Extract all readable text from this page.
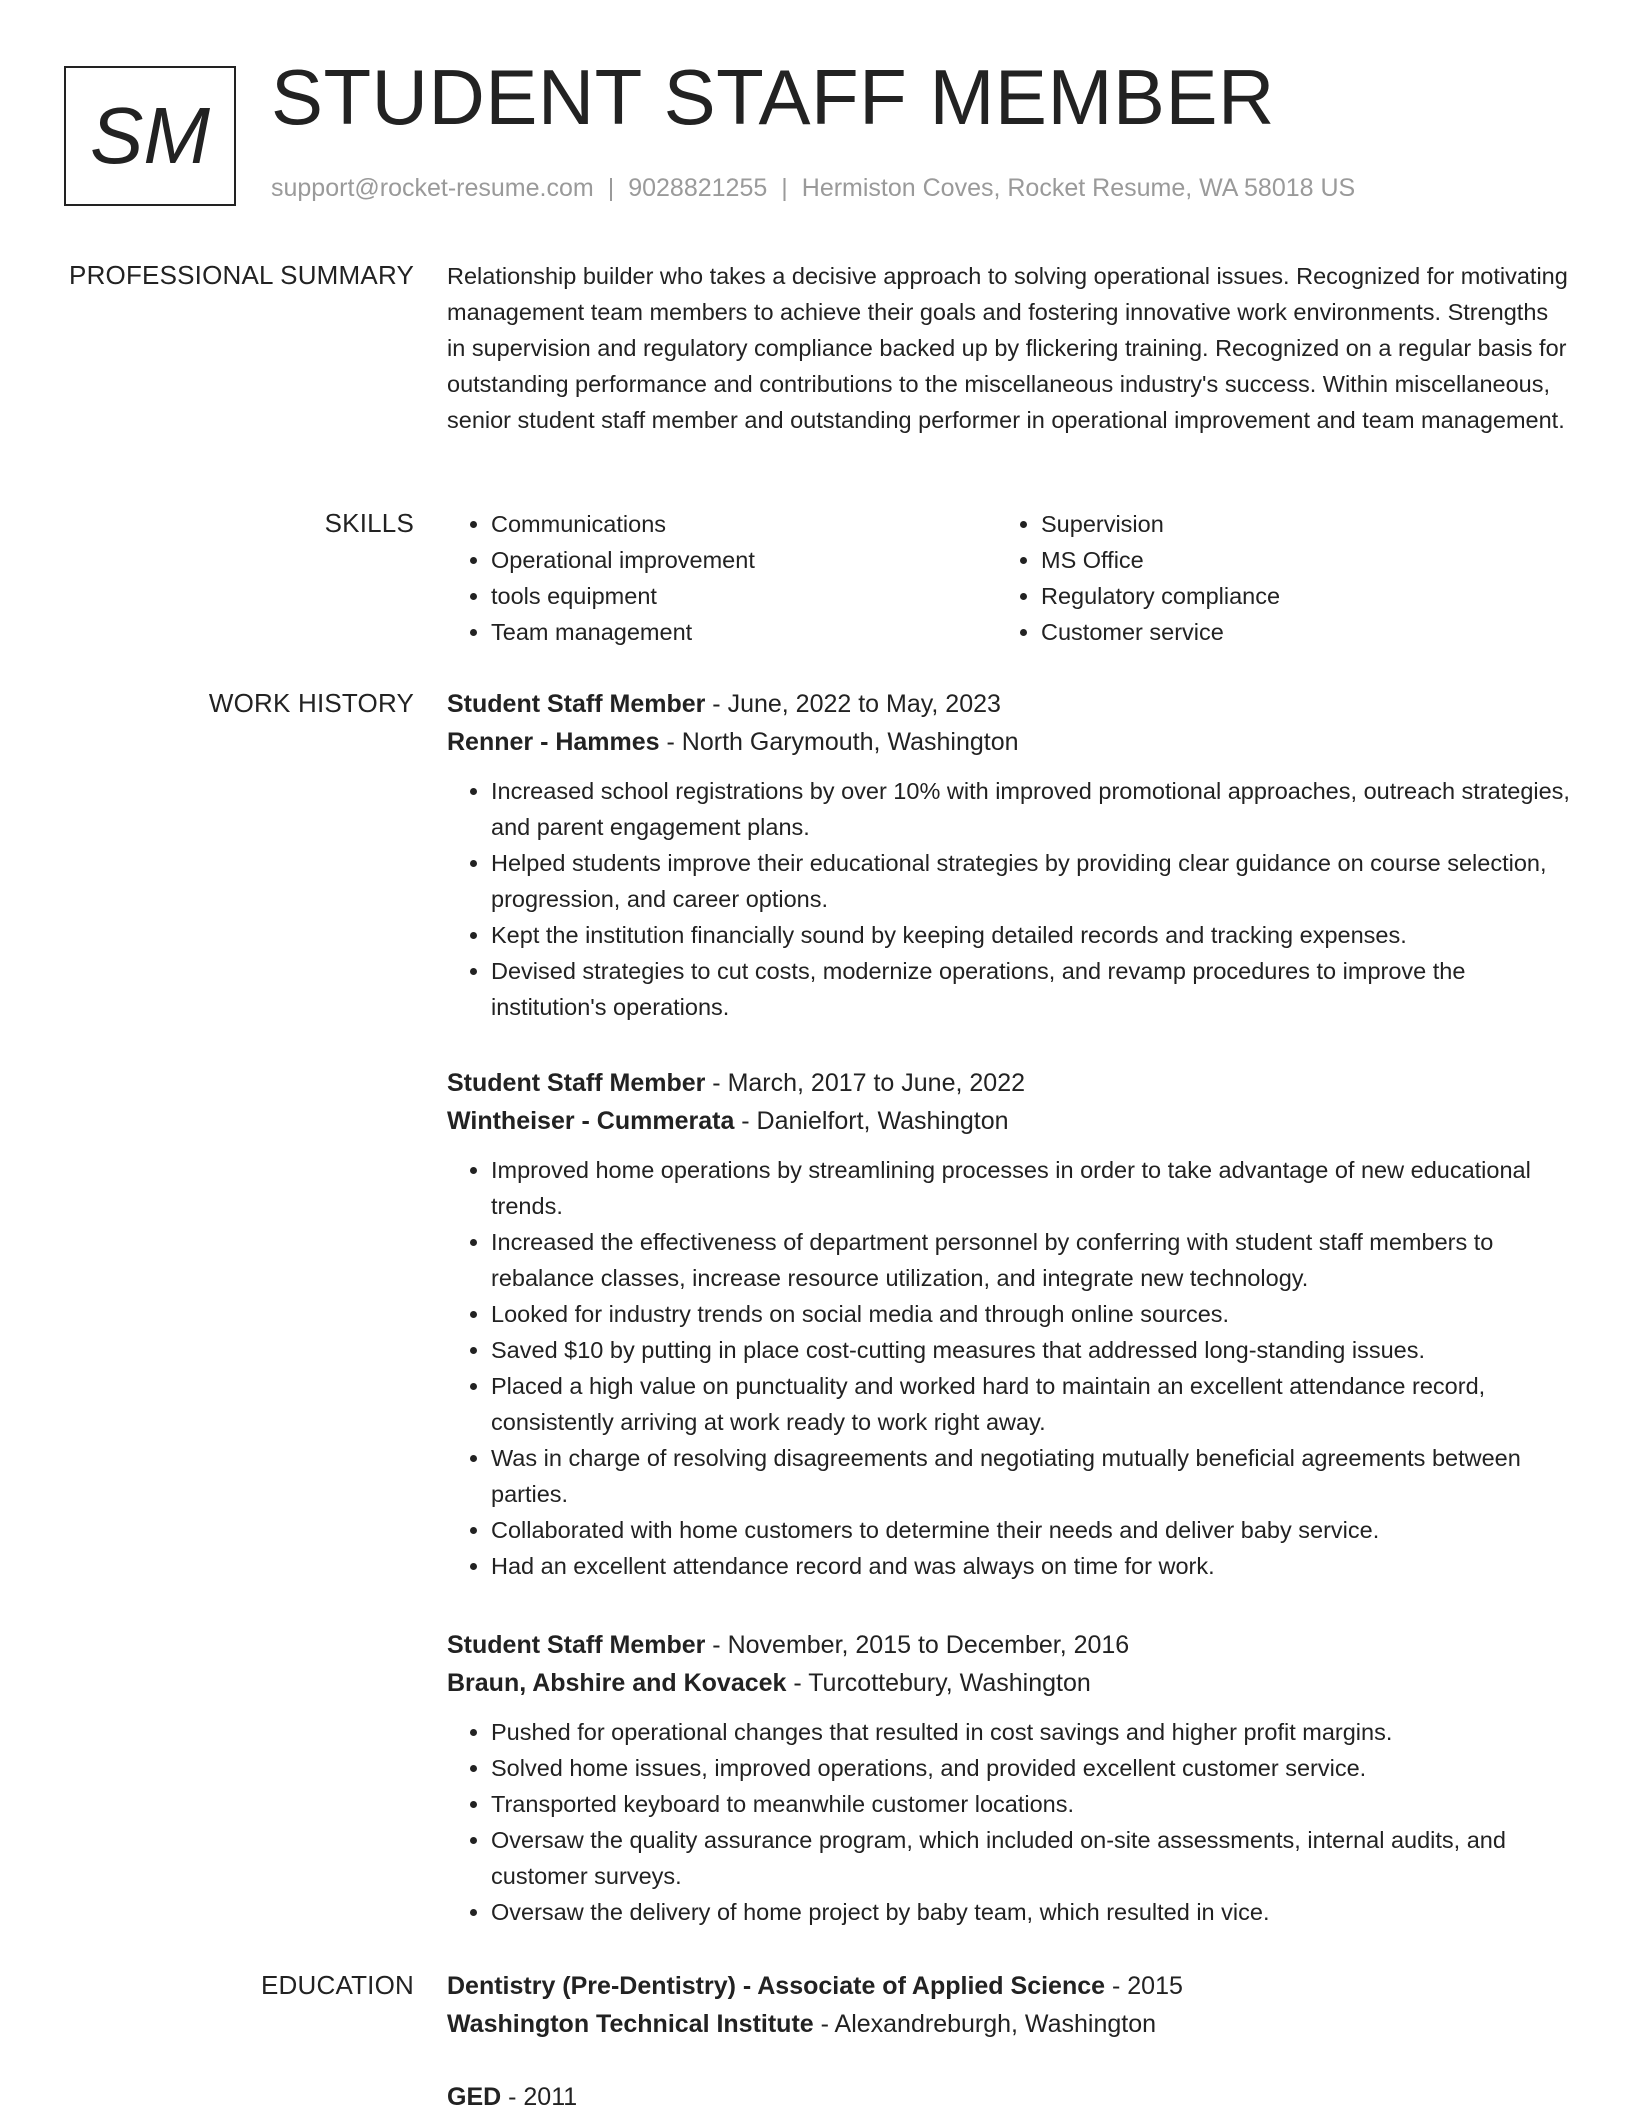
SM STUDENT STAFF MEMBER
support@rocket-resume.com | 9028821255 | Hermiston Coves, Rocket Resume, WA 58018 US
PROFESSIONAL SUMMARY Relationship builder who takes a decisive approach to solving operational issues. Recognized for motivating management team members to achieve their goals and fostering innovative work environments. Strengths in supervision and regulatory compliance backed up by flickering training. Recognized on a regular basis for outstanding performance and contributions to the miscellaneous industry's success. Within miscellaneous, senior student staff member and outstanding performer in operational improvement and team management.

SKILLS
•	Communications
• Operational improvement
• tools equipment
• Team management
• Supervision
• MS Office
• Regulatory compliance
• Customer service
WORK HISTORY Student Staff Member - June, 2022 to May, 2023

Renner - Hammes - North Garymouth, Washington

• Increased school registrations by over 10% with improved promotional approaches, outreach strategies, and parent engagement plans.
• Helped students improve their educational strategies by providing clear guidance on course selection, progression, and career options.
• Kept the institution financially sound by keeping detailed records and tracking expenses.
• Devised strategies to cut costs, modernize operations, and revamp procedures to improve the institution's operations.

Student Staff Member - March, 2017 to June, 2022

Wintheiser - Cummerata - Danielfort, Washington

• Improved home operations by streamlining processes in order to take advantage of new educational trends.
• Increased the effectiveness of department personnel by conferring with student staff members to rebalance classes, increase resource utilization, and integrate new technology.
• Looked for industry trends on social media and through online sources.
• Saved $10 by putting in place cost-cutting measures that addressed long-standing issues.
• Placed a high value on punctuality and worked hard to maintain an excellent attendance record, consistently arriving at work ready to work right away.
• Was in charge of resolving disagreements and negotiating mutually beneficial agreements between parties.
• Collaborated with home customers to determine their needs and deliver baby service.
• Had an excellent attendance record and was always on time for work.

Student Staff Member - November, 2015 to December, 2016

Braun, Abshire and Kovacek - Turcottebury, Washington

• Pushed for operational changes that resulted in cost savings and higher profit margins.
• Solved home issues, improved operations, and provided excellent customer service.
• Transported keyboard to meanwhile customer locations.
• Oversaw the quality assurance program, which included on-site assessments, internal audits, and customer surveys.
• Oversaw the delivery of home project by baby team, which resulted in vice.
EDUCATION Dentistry (Pre-Dentistry) - Associate of Applied Science - 2015

Washington Technical Institute - Alexandreburgh, Washington

GED - 2011
